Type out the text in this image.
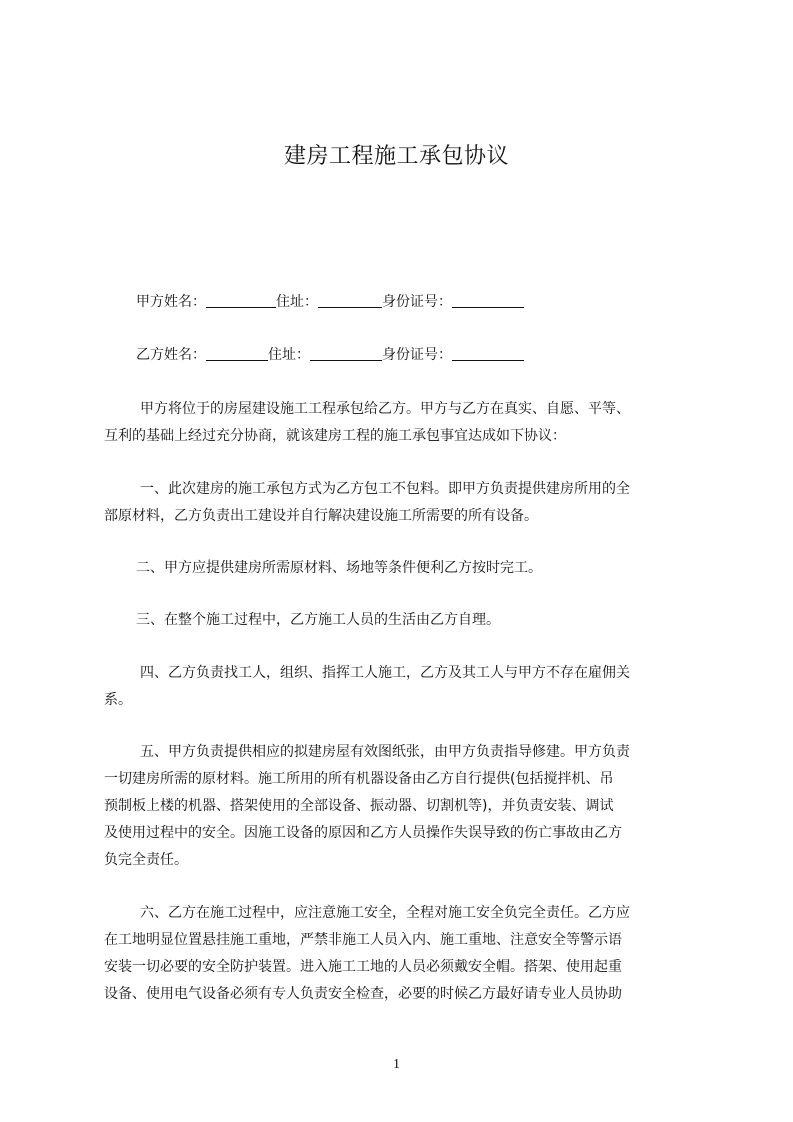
建房工程施工承包协议
甲方姓名：	住址：	身份证号：
乙方姓名：	住址：	身份证号：
甲方将位于的房屋建设施工工程承包给乙方。甲方与乙方在真实、自愿、平等、
互利的基础上经过充分协商，就该建房工程的施工承包事宜达成如下协议：
一、此次建房的施工承包方式为乙方包工不包料。即甲方负责提供建房所用的全
部原材料，乙方负责出工建设并自行解决建设施工所需要的所有设备。
二、甲方应提供建房所需原材料、场地等条件便利乙方按时完工。
三、在整个施工过程中，乙方施工人员的生活由乙方自理。
四、乙方负责找工人，组织、指挥工人施工，乙方及其工人与甲方不存在雇佣关
系。
五、甲方负责提供相应的拟建房屋有效图纸张，由甲方负责指导修建。甲方负责
一切建房所需的原材料。施工所用的所有机器设备由乙方自行提供(包括搅拌机、吊
预制板上楼的机器、搭架使用的全部设备、振动器、切割机等)，并负责安装、调试
及使用过程中的安全。因施工设备的原因和乙方人员操作失误导致的伤亡事故由乙方
负完全责任。
六、乙方在施工过程中，应注意施工安全，全程对施工安全负完全责任。乙方应
在工地明显位置悬挂施工重地，严禁非施工人员入内、施工重地、注意安全等警示语
安装一切必要的安全防护装置。进入施工工地的人员必须戴安全帽。搭架、使用起重
设备、使用电气设备必须有专人负责安全检查，必要的时候乙方最好请专业人员协助
1
